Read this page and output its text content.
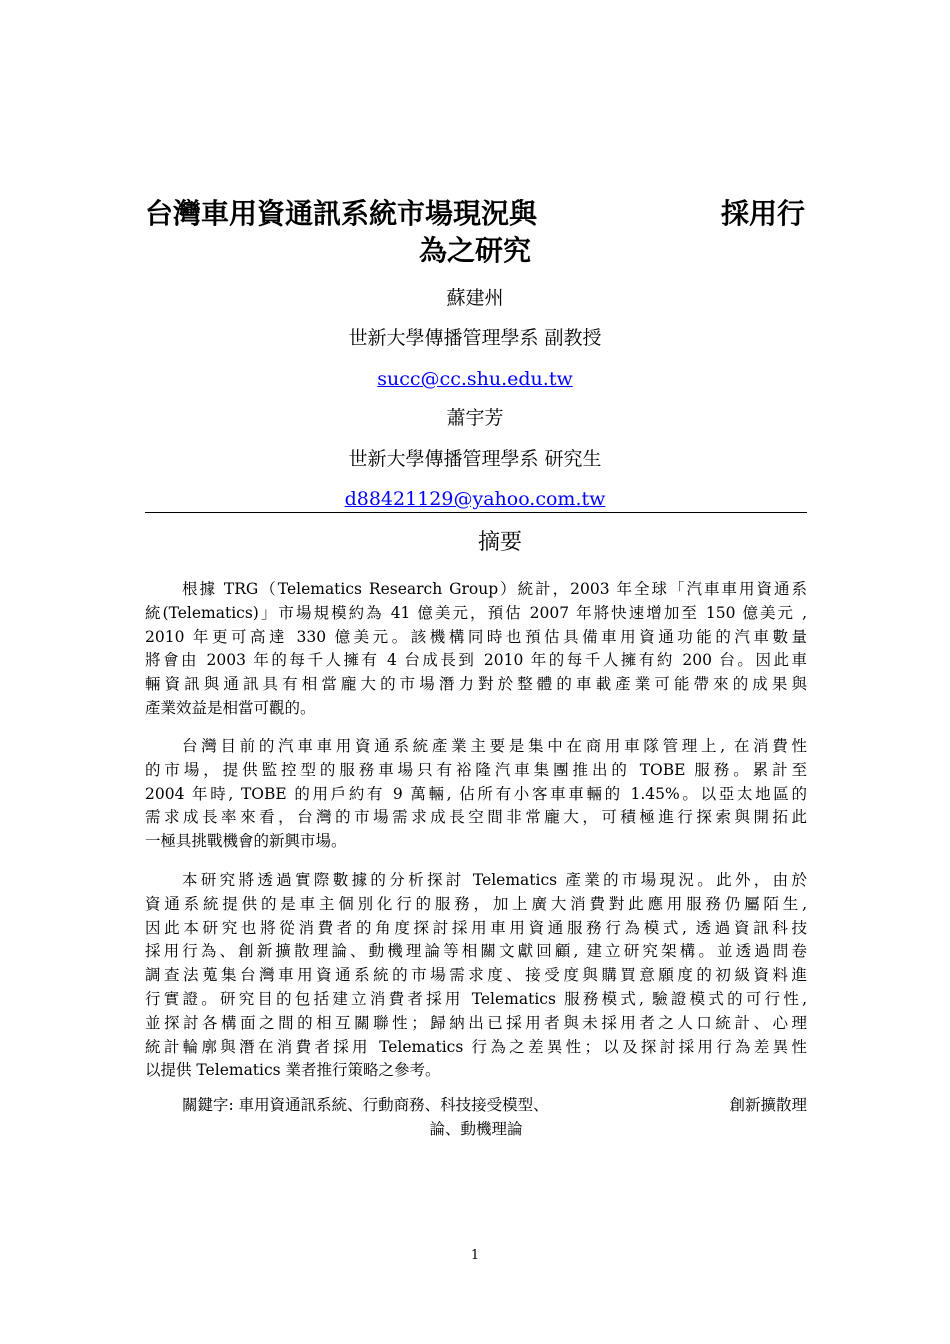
台灣車用資通訊系統市場現況與	採用行
為之研究
蘇建州
世新大學傳播管理學系 副教授
succ@cc.shu.edu.tw
蕭宇芳
世新大學傳播管理學系 研究生
d88421129@yahoo.com.tw
摘要
根據 TRG（Telematics Research Group）統計，2003 年全球「汽車車用資通系
統(Telematics)」市場規模約為 41 億美元，預估 2007 年將快速增加至 150 億美元 ,
2010 年更可高達 330 億美元。該機構同時也預估具備車用資通功能的汽車數量
將會由 2003 年的每千人擁有 4 台成長到 2010 年的每千人擁有約 200 台。因此車
輛資訊與通訊具有相當龐大的市場潛力對於整體的車載產業可能帶來的成果與
產業效益是相當可觀的。
台灣目前的汽車車用資通系統產業主要是集中在商用車隊管理上, 在消費性
的市場，提供監控型的服務車場只有裕隆汽車集團推出的 TOBE 服務。累計至
2004 年時, TOBE 的用戶約有 9 萬輛, 佔所有小客車車輛的 1.45%。以亞太地區的
需求成長率來看，台灣的市場需求成長空間非常龐大，可積極進行探索與開拓此
一極具挑戰機會的新興市場。
本研究將透過實際數據的分析探討 Telematics 產業的市場現況。此外，由於
資通系統提供的是車主個別化行的服務，加上廣大消費對此應用服務仍屬陌生,
因此本研究也將從消費者的角度探討採用車用資通服務行為模式, 透過資訊科技
採用行為、創新擴散理論、動機理論等相關文獻回顧, 建立研究架構。並透過問卷
調查法蒐集台灣車用資通系統的市場需求度、接受度與購買意願度的初級資料進
行實證。研究目的包括建立消費者採用 Telematics 服務模式, 驗證模式的可行性,
並探討各構面之間的相互關聯性；歸納出已採用者與未採用者之人口統計、心理
統計輪廓與潛在消費者採用 Telematics 行為之差異性；以及探討採用行為差異性
以提供 Telematics 業者推行策略之參考。
關鍵字: 車用資通訊系統、行動商務、科技接受模型、	創新擴散理
論、動機理論
1
